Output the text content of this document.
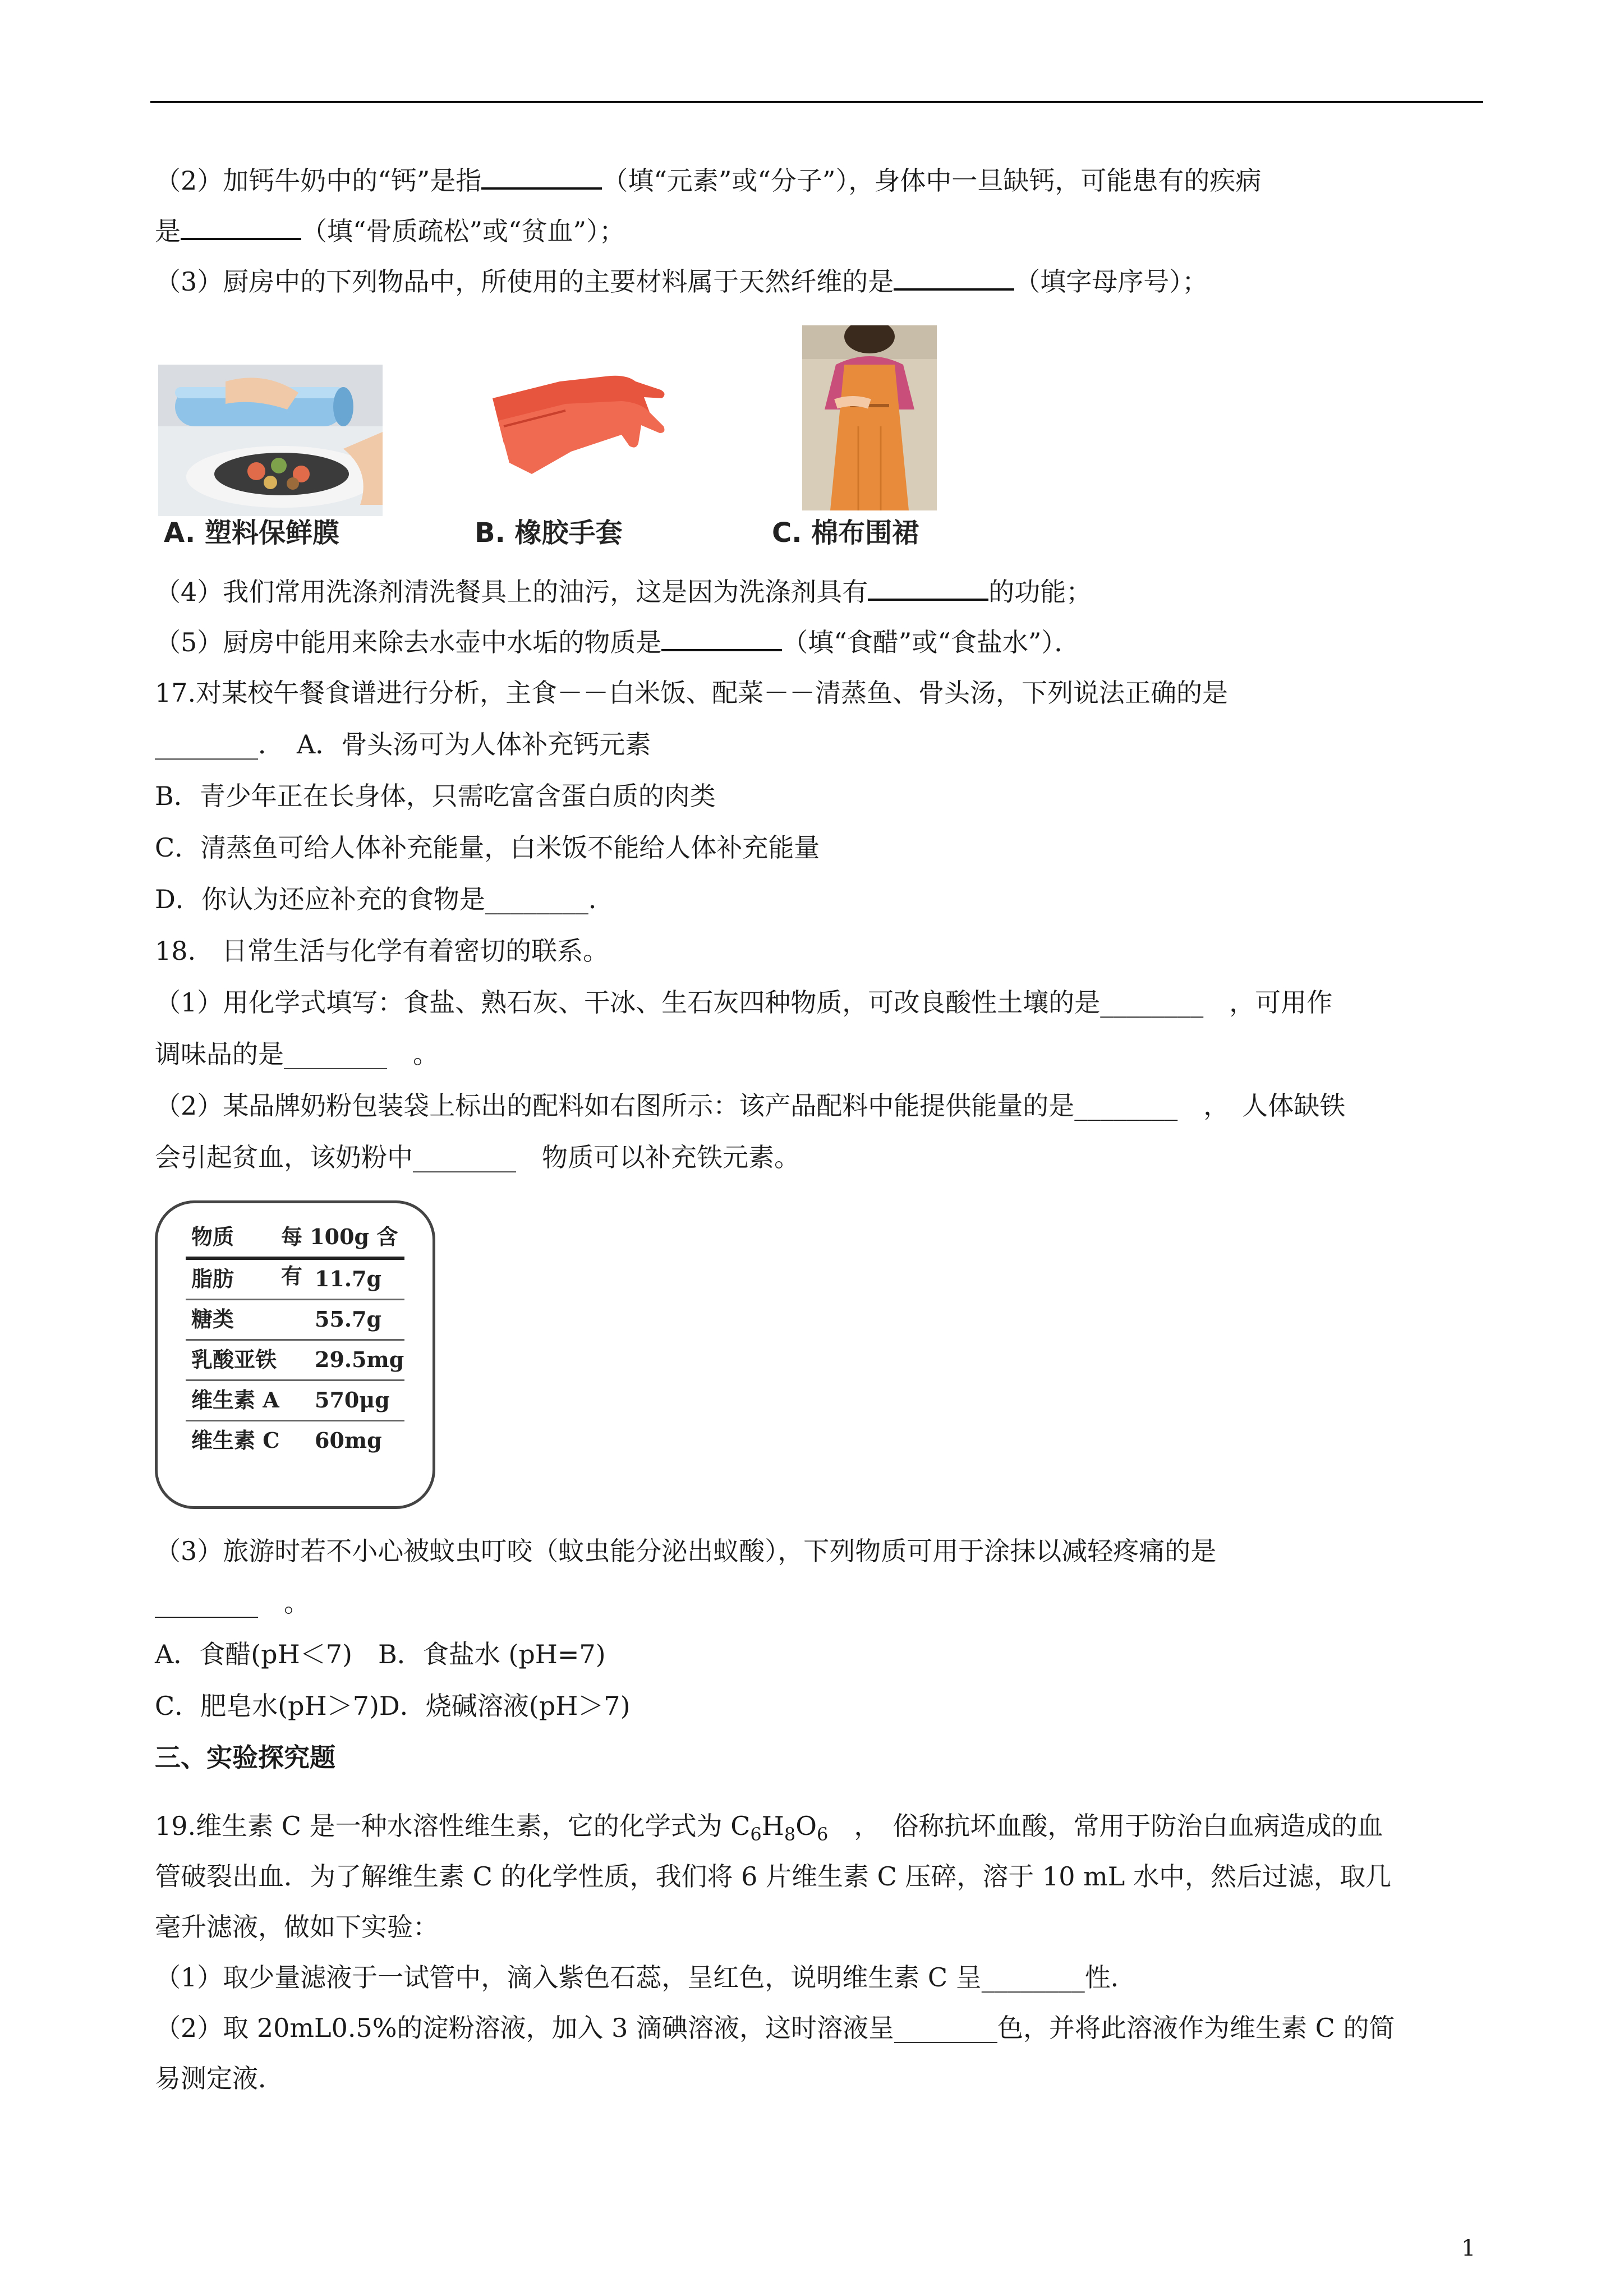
（2）加钙牛奶中的“钙”是指	（填“元素”或“分子”），身体中一旦缺钙，可能患有的疾病
是	（填“骨质疏松”或“贫血”）；
（3）厨房中的下列物品中，所使用的主要材料属于天然纤维的是	（填字母序号）；
A. 塑料保鲜膜	B. 橡胶手套	C. 棉布围裙
（4）我们常用洗涤剂清洗餐具上的油污，这是因为洗涤剂具有	的功能；
（5）厨房中能用来除去水壶中水垢的物质是	（填“食醋”或“食盐水”）．
17.对某校午餐食谱进行分析，主食－－白米饭、配菜－－清蒸鱼、骨头汤，下列说法正确的是
________．　A．骨头汤可为人体补充钙元素
B．青少年正在长身体，只需吃富含蛋白质的肉类
C．清蒸鱼可给人体补充能量，白米饭不能给人体补充能量
D．你认为还应补充的食物是________．
18.　日常生活与化学有着密切的联系。
（1）用化学式填写：食盐、熟石灰、干冰、生石灰四种物质，可改良酸性土壤的是________　，可用作
调味品的是________　。
（2）某品牌奶粉包装袋上标出的配料如右图所示：该产品配料中能提供能量的是________　，　人体缺铁
会引起贫血，该奶粉中________　物质可以补充铁元素。
物质 每 100g 含有
脂肪	11.7g
糖类	55.7g
乳酸亚铁 29.5mg
维生素 A 570μg
维生素 C 60mg
（3）旅游时若不小心被蚊虫叮咬（蚊虫能分泌出蚁酸），下列物质可用于涂抹以减轻疼痛的是
________　。
A．食醋(pH＜7)　B．食盐水 (pH=7)
C．肥皂水(pH＞7)D．烧碱溶液(pH＞7)
三、实验探究题
19.维生素 C 是一种水溶性维生素，它的化学式为 $C_6H_8O_6$　，　俗称抗坏血酸，常用于防治白血病造成的血
管破裂出血．为了解维生素 C 的化学性质，我们将 6 片维生素 C 压碎，溶于 10 mL 水中，然后过滤，取几
毫升滤液，做如下实验：
（1）取少量滤液于一试管中，滴入紫色石蕊，呈红色，说明维生素 C 呈________性．
（2）取 20mL0.5%的淀粉溶液，加入 3 滴碘溶液，这时溶液呈________色，并将此溶液作为维生素 C 的简
易测定液．
1
